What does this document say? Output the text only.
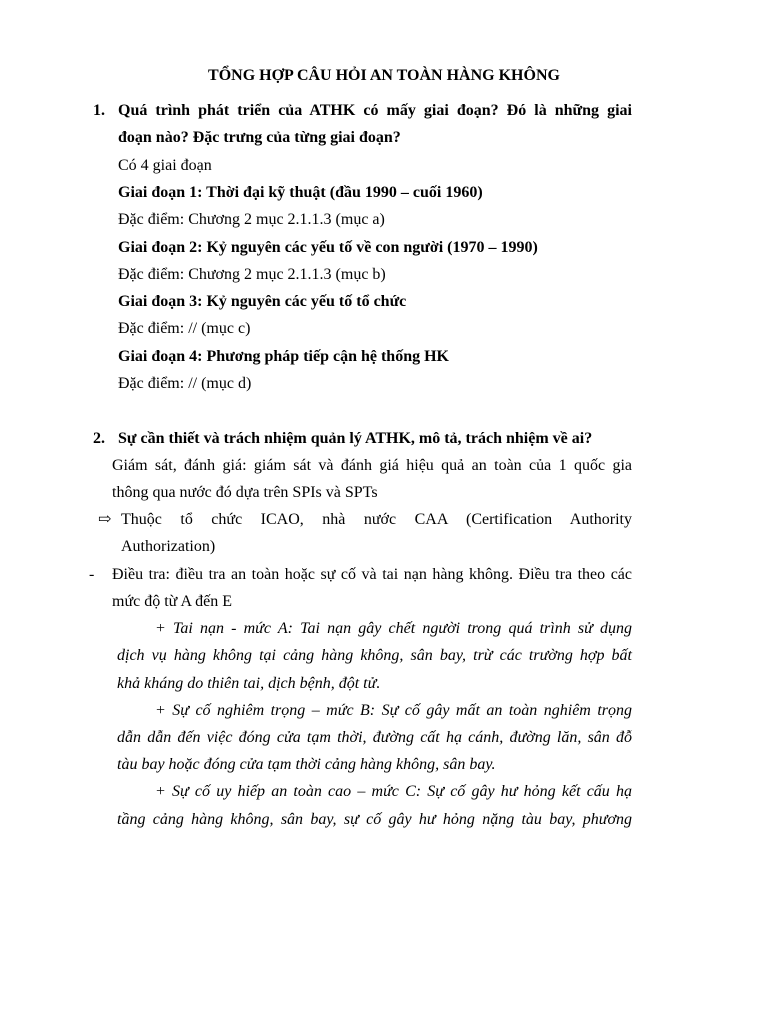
TỔNG HỢP CÂU HỎI AN TOÀN HÀNG KHÔNG
1. Quá trình phát triển của ATHK có mấy giai đoạn? Đó là những giai
đoạn nào? Đặc trưng của từng giai đoạn?
Có 4 giai đoạn
Giai đoạn 1: Thời đại kỹ thuật (đầu 1990 – cuối 1960)
Đặc điểm: Chương 2 mục 2.1.1.3 (mục a)
Giai đoạn 2: Kỷ nguyên các yếu tố về con người (1970 – 1990)
Đặc điểm: Chương 2 mục 2.1.1.3 (mục b)
Giai đoạn 3: Kỷ nguyên các yếu tố tổ chức
Đặc điểm: // (mục c)
Giai đoạn 4: Phương pháp tiếp cận hệ thống HK
Đặc điểm: // (mục d)
2. Sự cần thiết và trách nhiệm quản lý ATHK, mô tả, trách nhiệm về ai?
Giám sát, đánh giá: giám sát và đánh giá hiệu quả an toàn của 1 quốc gia
thông qua nước đó dựa trên SPIs và SPTs
⇨ Thuộc tổ chức ICAO, nhà nước CAA (Certification Authority
Authorization)
- Điều tra: điều tra an toàn hoặc sự cố và tai nạn hàng không. Điều tra theo các
mức độ từ A đến E
+ Tai nạn - mức A: Tai nạn gây chết người trong quá trình sử dụng
dịch vụ hàng không tại cảng hàng không, sân bay, trừ các trường hợp bất
khả kháng do thiên tai, dịch bệnh, đột tử.
+ Sự cố nghiêm trọng – mức B: Sự cố gây mất an toàn nghiêm trọng
dẫn dẫn đến việc đóng cửa tạm thời, đường cất hạ cánh, đường lăn, sân đỗ
tàu bay hoặc đóng cửa tạm thời cảng hàng không, sân bay.
+ Sự cố uy hiếp an toàn cao – mức C: Sự cố gây hư hỏng kết cấu hạ
tầng cảng hàng không, sân bay, sự cố gây hư hỏng nặng tàu bay, phương
